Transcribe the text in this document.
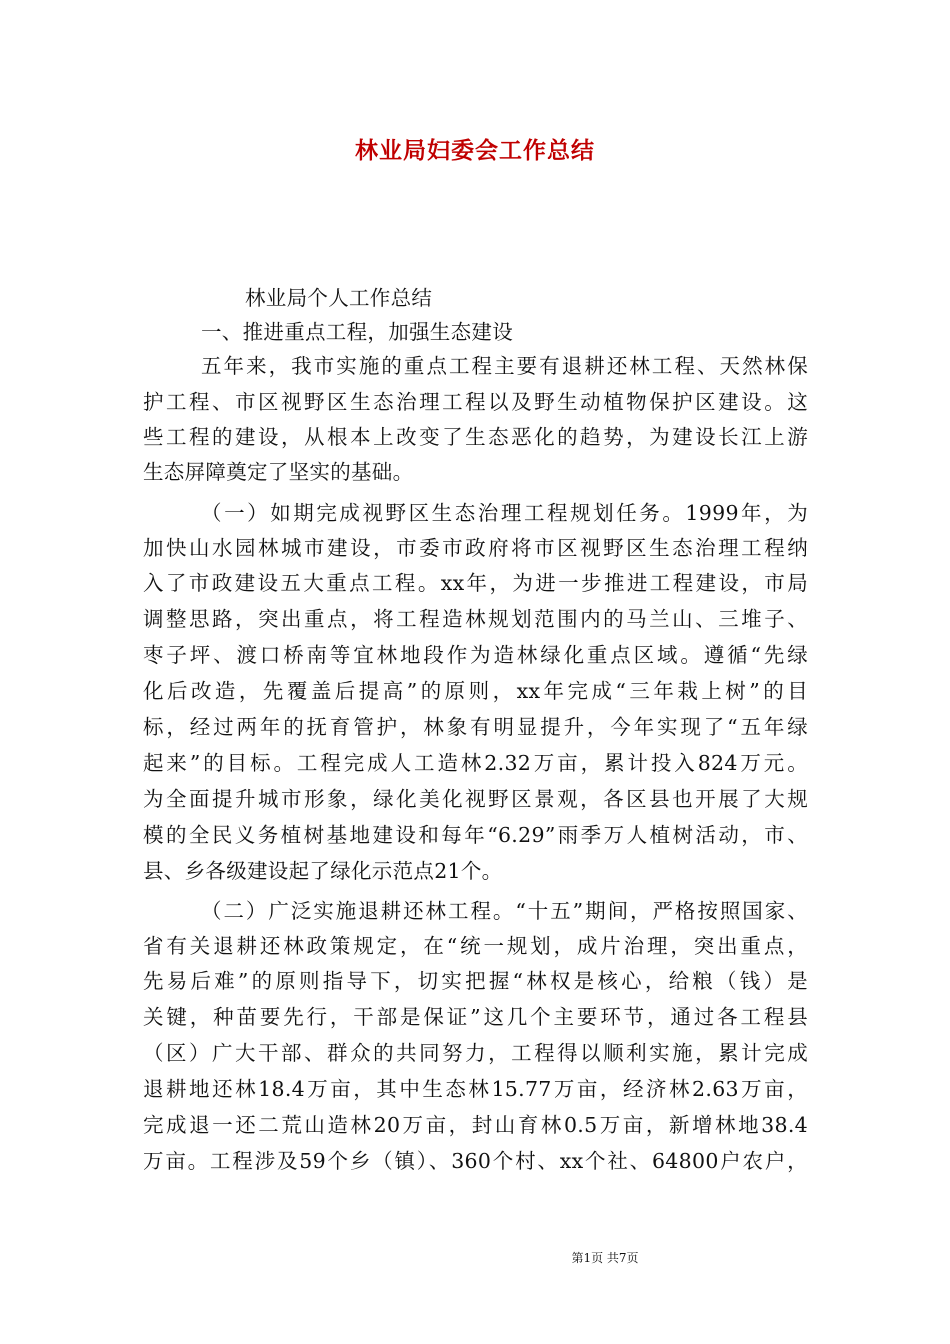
林业局妇委会工作总结
林业局个人工作总结
一、推进重点工程，加强生态建设
五年来，我市实施的重点工程主要有退耕还林工程、天然林保
护工程、市区视野区生态治理工程以及野生动植物保护区建设。这
些工程的建设，从根本上改变了生态恶化的趋势，为建设长江上游
生态屏障奠定了坚实的基础。
（一）如期完成视野区生态治理工程规划任务。1999年，为
加快山水园林城市建设，市委市政府将市区视野区生态治理工程纳
入了市政建设五大重点工程。xx年，为进一步推进工程建设，市局
调整思路，突出重点，将工程造林规划范围内的马兰山、三堆子、
枣子坪、渡口桥南等宜林地段作为造林绿化重点区域。遵循“先绿
化后改造，先覆盖后提高”的原则，xx年完成“三年栽上树”的目
标，经过两年的抚育管护，林象有明显提升，今年实现了“五年绿
起来”的目标。工程完成人工造林2.32万亩，累计投入824万元。
为全面提升城市形象，绿化美化视野区景观，各区县也开展了大规
模的全民义务植树基地建设和每年“6.29”雨季万人植树活动，市、
县、乡各级建设起了绿化示范点21个。
（二）广泛实施退耕还林工程。“十五”期间，严格按照国家、
省有关退耕还林政策规定，在“统一规划，成片治理，突出重点，
先易后难”的原则指导下，切实把握“林权是核心，给粮（钱）是
关键，种苗要先行，干部是保证”这几个主要环节，通过各工程县
（区）广大干部、群众的共同努力，工程得以顺利实施，累计完成
退耕地还林18.4万亩，其中生态林15.77万亩，经济林2.63万亩，
完成退一还二荒山造林20万亩，封山育林0.5万亩，新增林地38.4
万亩。工程涉及59个乡（镇）、360个村、xx个社、64800户农户，
第1页 共7页
